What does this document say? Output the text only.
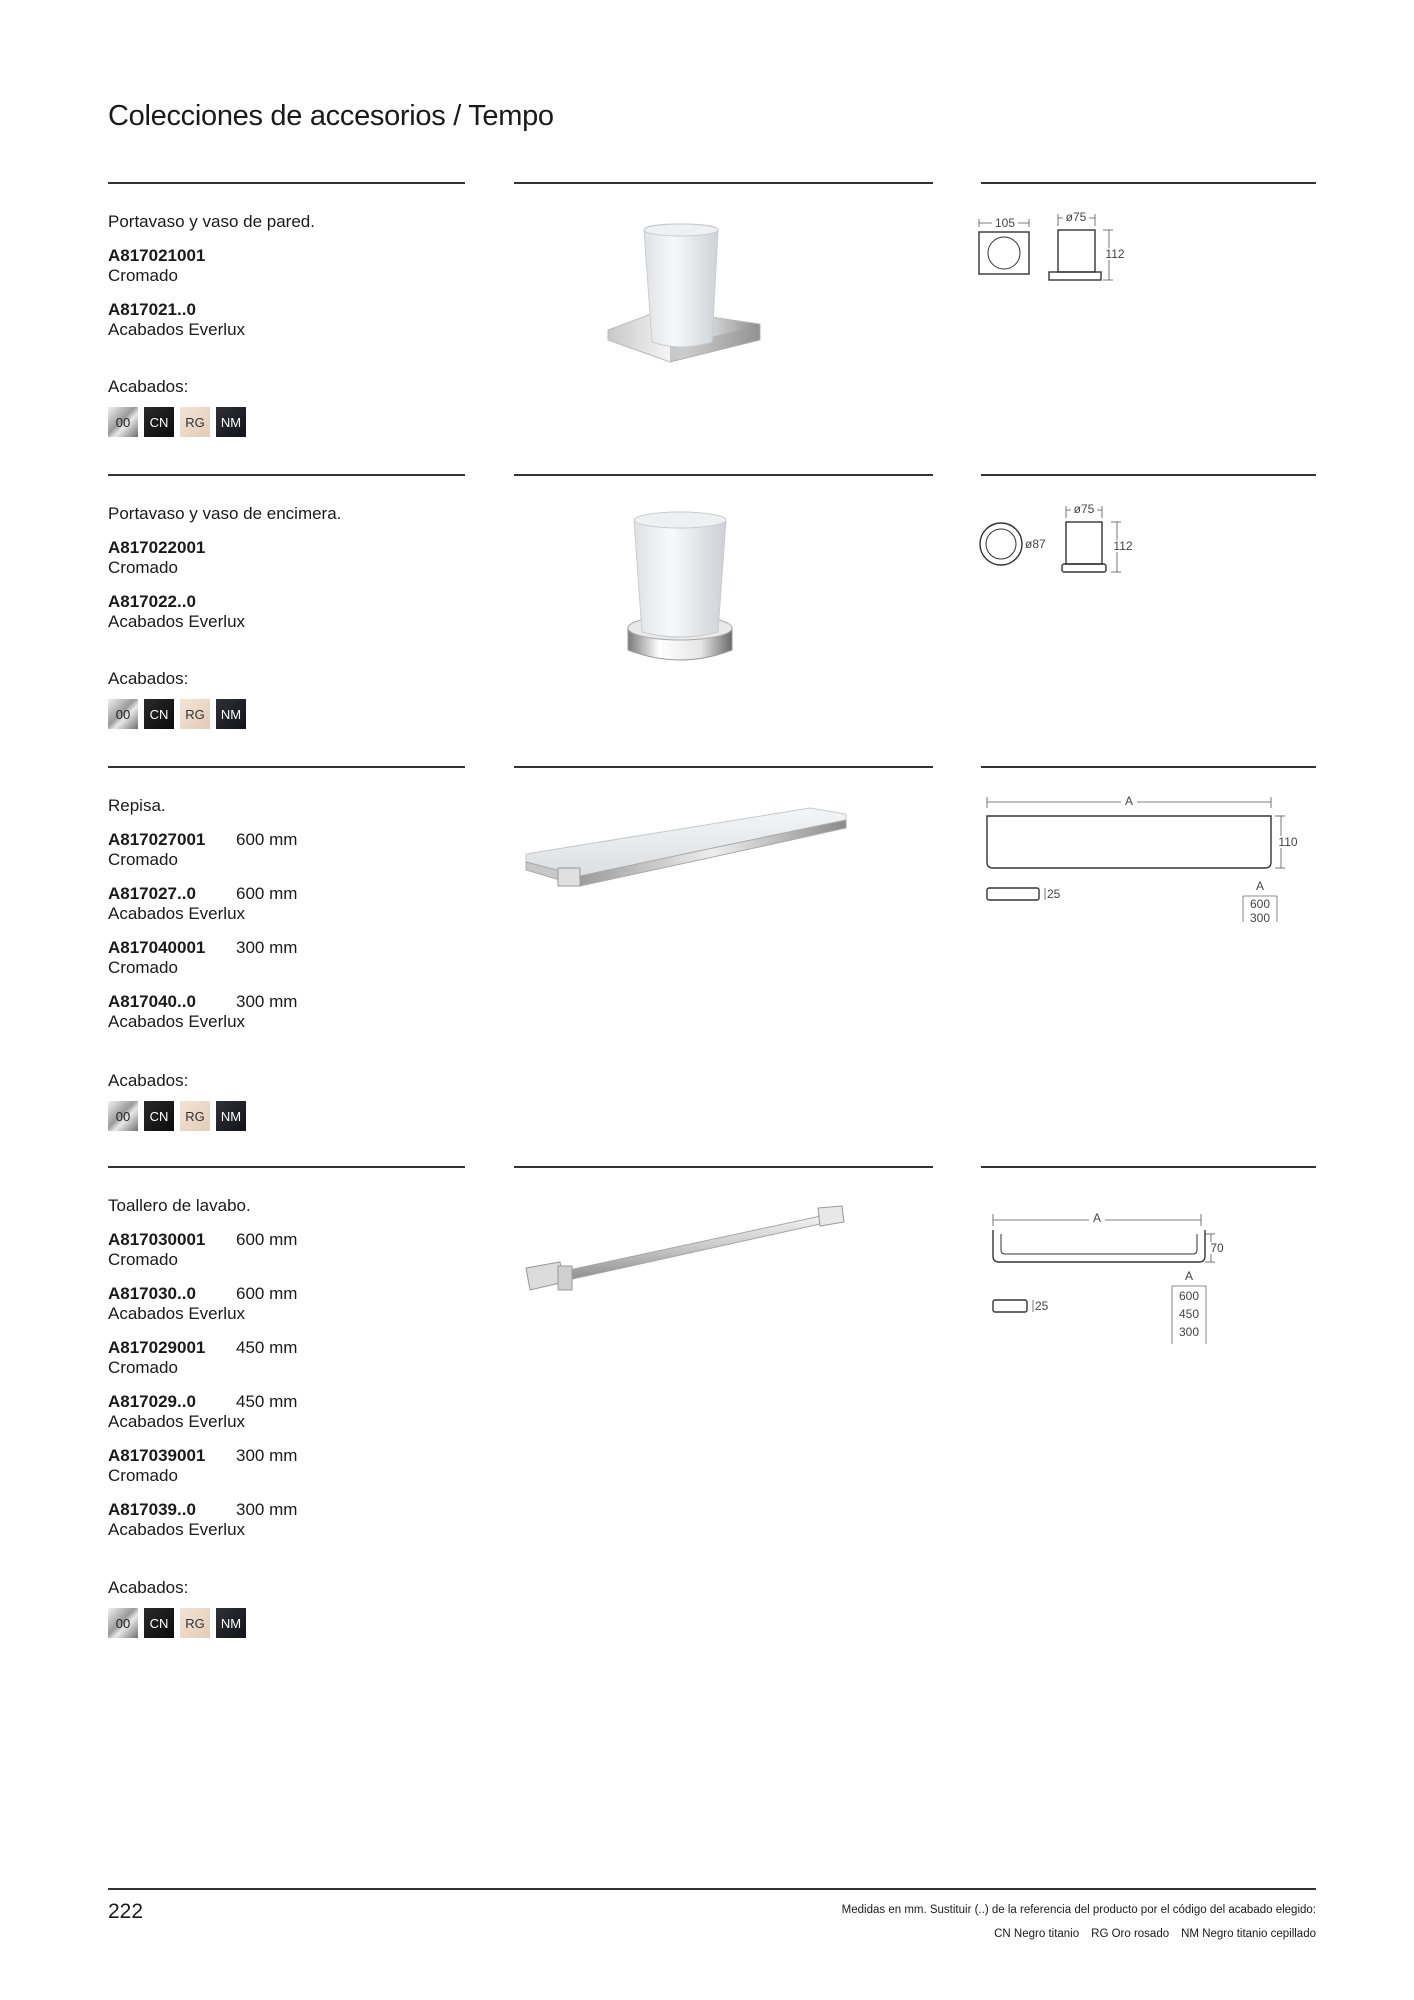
Colecciones de accesorios / Tempo
Portavaso y vaso de pared.
A817021001
Cromado
A817021..0
Acabados Everlux
Acabados:
00	CN	RG	NM
105	ø75
112
Portavaso y vaso de encimera.
A817022001
Cromado
A817022..0
Acabados Everlux
Acabados:
00	CN	RG	NM
ø87
ø75
112
Repisa.
A817027001 600 mm
Cromado
A817027..0 600 mm
Acabados Everlux
A817040001 300 mm
Cromado
A817040..0 300 mm
Acabados Everlux
Acabados:
00	CN	RG	NM
A
110
25
A
600
300
Toallero de lavabo.
A817030001 600 mm
Cromado
A817030..0 600 mm
Acabados Everlux
A817029001 450 mm
Cromado
A817029..0 450 mm
Acabados Everlux
A817039001 300 mm
Cromado
A817039..0 300 mm
Acabados Everlux
Acabados:
00	CN	RG	NM
A
70
25
A
600
450
300
222	Medidas en mm. Sustituir (..) de la referencia del producto por el código del acabado elegido:
CN Negro titanio RG Oro rosado NM Negro titanio cepillado
